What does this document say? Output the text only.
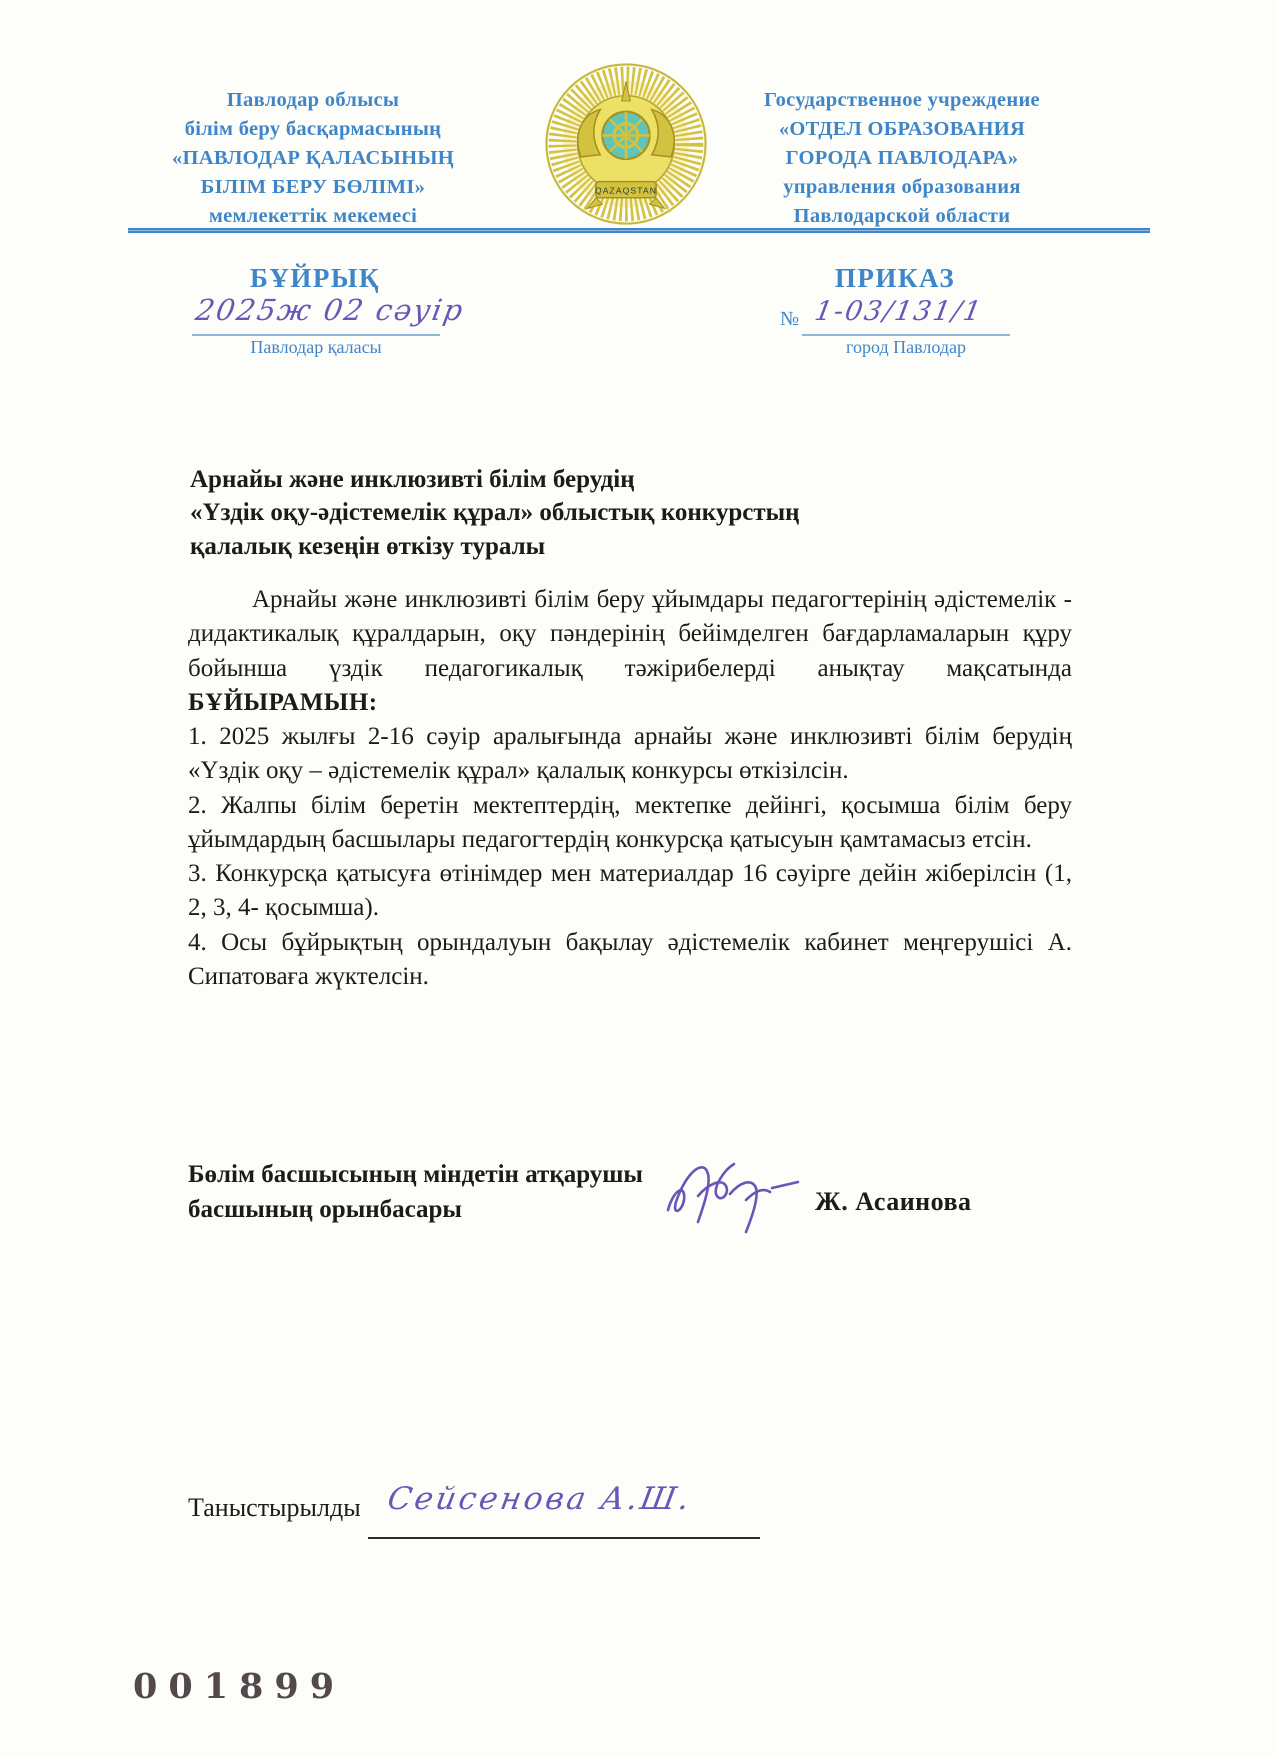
Павлодар облысы
білім беру басқармасының
«ПАВЛОДАР ҚАЛАСЫНЫҢ
БІЛІМ БЕРУ БӨЛІМІ»
мемлекеттік мекемесі
QAZAQSTAN
Государственное учреждение
«ОТДЕЛ ОБРАЗОВАНИЯ
ГОРОДА ПАВЛОДАРА»
управления образования
Павлодарской области
БҰЙРЫҚ	ПРИКАЗ
2025ж 02 сәуір
Павлодар қаласы
№ 1-03/131/1
город Павлодар
Арнайы және инклюзивті білім берудің
«Үздік оқу-әдістемелік құрал» облыстық конкурстың
қалалық кезеңін өткізу туралы

Арнайы және инклюзивті білім беру ұйымдары педагогтерінің әдістемелік - дидактикалық құралдарын, оқу пәндерінің бейімделген бағдарламаларын құру бойынша үздік педагогикалық тәжірибелерді анықтау мақсатында БҰЙЫРАМЫН:

1. 2025 жылғы 2-16 сәуір аралығында арнайы және инклюзивті білім берудің «Үздік оқу – әдістемелік құрал» қалалық конкурсы өткізілсін.

2. Жалпы білім беретін мектептердің, мектепке дейінгі, қосымша білім беру ұйымдардың басшылары педагогтердің конкурсқа қатысуын қамтамасыз етсін.

3. Конкурсқа қатысуға өтінімдер мен материалдар 16 сәуірге дейін жіберілсін (1, 2, 3, 4- қосымша).

4. Осы бұйрықтың орындалуын бақылау әдістемелік кабинет меңгерушісі А. Сипатоваға жүктелсін.

Бөлім басшысының міндетін атқарушы
басшының орынбасары	Ж. Асаинова
Таныстырылды Сейсенова А.Ш.
001899
